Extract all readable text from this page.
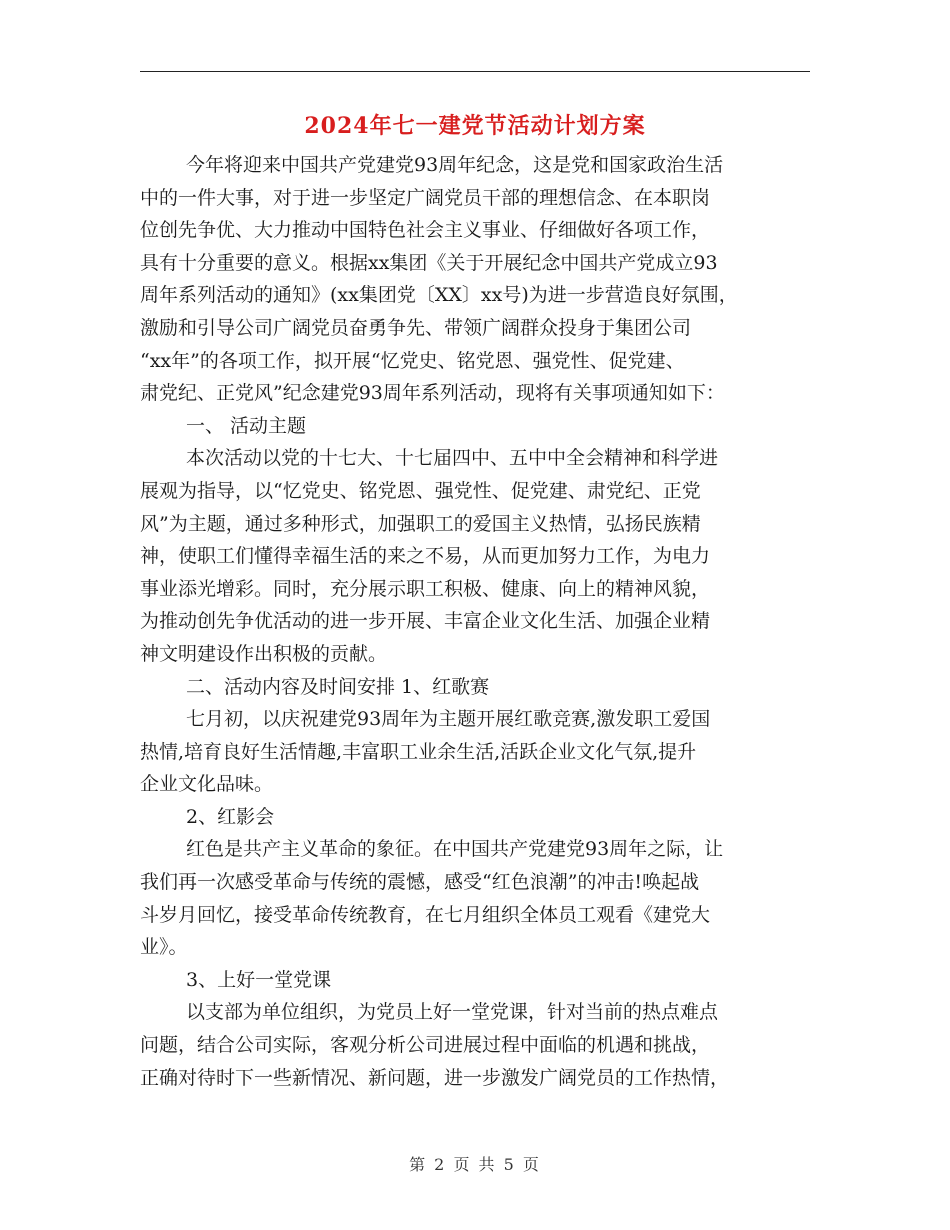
2024年七一建党节活动计划方案
今年将迎来中国共产党建党93周年纪念，这是党和国家政治生活
中的一件大事，对于进一步坚定广阔党员干部的理想信念、在本职岗
位创先争优、大力推动中国特色社会主义事业、仔细做好各项工作，
具有十分重要的意义。根据xx集团《关于开展纪念中国共产党成立93
周年系列活动的通知》(xx集团党〔XX〕xx号)为进一步营造良好氛围，
激励和引导公司广阔党员奋勇争先、带领广阔群众投身于集团公司
“xx年”的各项工作，拟开展“忆党史、铭党恩、强党性、促党建、
肃党纪、正党风”纪念建党93周年系列活动，现将有关事项通知如下：
一、 活动主题
本次活动以党的十七大、十七届四中、五中中全会精神和科学进
展观为指导，以“忆党史、铭党恩、强党性、促党建、肃党纪、正党
风”为主题，通过多种形式，加强职工的爱国主义热情，弘扬民族精
神，使职工们懂得幸福生活的来之不易，从而更加努力工作，为电力
事业添光增彩。同时，充分展示职工积极、健康、向上的精神风貌，
为推动创先争优活动的进一步开展、丰富企业文化生活、加强企业精
神文明建设作出积极的贡献。
二、活动内容及时间安排 1、红歌赛
七月初，以庆祝建党93周年为主题开展红歌竞赛,激发职工爱国
热情,培育良好生活情趣,丰富职工业余生活,活跃企业文化气氛,提升
企业文化品味。
2、红影会
红色是共产主义革命的象征。在中国共产党建党93周年之际，让
我们再一次感受革命与传统的震憾，感受“红色浪潮”的冲击!唤起战
斗岁月回忆，接受革命传统教育，在七月组织全体员工观看《建党大
业》。
3、上好一堂党课
以支部为单位组织，为党员上好一堂党课，针对当前的热点难点
问题，结合公司实际，客观分析公司进展过程中面临的机遇和挑战，
正确对待时下一些新情况、新问题，进一步激发广阔党员的工作热情，
第 2 页 共 5 页
